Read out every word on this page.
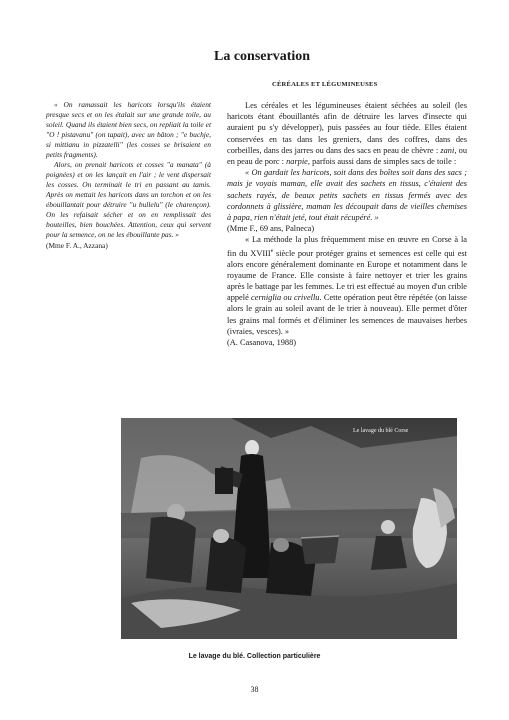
La conservation
CÉRÉALES ET LÉGUMINEUSES

« On ramassait les haricots lorsqu'ils étaient presque secs et on les étalait sur une grande toile, au soleil. Quand ils étaient bien secs, on repliait la toile et "O ! pistavanu" (on tapait), avec un bâton ; "e buchje, si mittianu in pizzatelli" (les cosses se brisaient en petits fragments).

Alors, on prenait haricots et cosses "a manata" (à poignées) et on les lançait en l'air ; le vent dispersait les cosses. On terminait le tri en passant au tamis. Après on mettait les haricots dans un torchon et on les ébouillantait pour détruire "u bullelu" (le charençon). On les refaisait sécher et on en remplissait des bouteilles, bien bouchées. Attention, ceux qui servent pour la semence, on ne les ébouillante pas. »

(Mme F. A., Azzana)

Les céréales et les légumineuses étaient séchées au soleil (les haricots étant ébouillantés afin de détruire les larves d'insecte qui auraient pu s'y développer), puis passées au four tiède. Elles étaient conservées en tas dans les greniers, dans des coffres, dans des corbeilles, dans des jarres ou dans des sacs en peau de chèvre : zani, ou en peau de porc : narpie, parfois aussi dans de simples sacs de toile :

« On gardait les haricots, soit dans des boîtes soit dans des sacs ; mais je voyais maman, elle avait des sachets en tissus, c'étaient des sachets rayés, de beaux petits sachets en tissus fermés avec des cordonnets à glissière, maman les découpait dans de vieilles chemises à papa, rien n'était jeté, tout était récupéré. »

(Mme F., 69 ans, Palneca)

« La méthode la plus fréquemment mise en œuvre en Corse à la fin du XVIIIe siècle pour protéger grains et semences est celle qui est alors encore généralement dominante en Europe et notamment dans le royaume de France. Elle consiste à faire nettoyer et trier les grains après le battage par les femmes. Le tri est effectué au moyen d'un crible appelé cerniglia ou crivellu. Cette opération peut être répétée (on laisse alors le grain au soleil avant de le trier à nouveau). Elle permet d'ôter les grains mal formés et d'éliminer les semences de mauvaises herbes (ivraies, vesces). »

(A. Casanova, 1988)

Le lavage du blé Corse
Le lavage du blé. Collection particulière
38
